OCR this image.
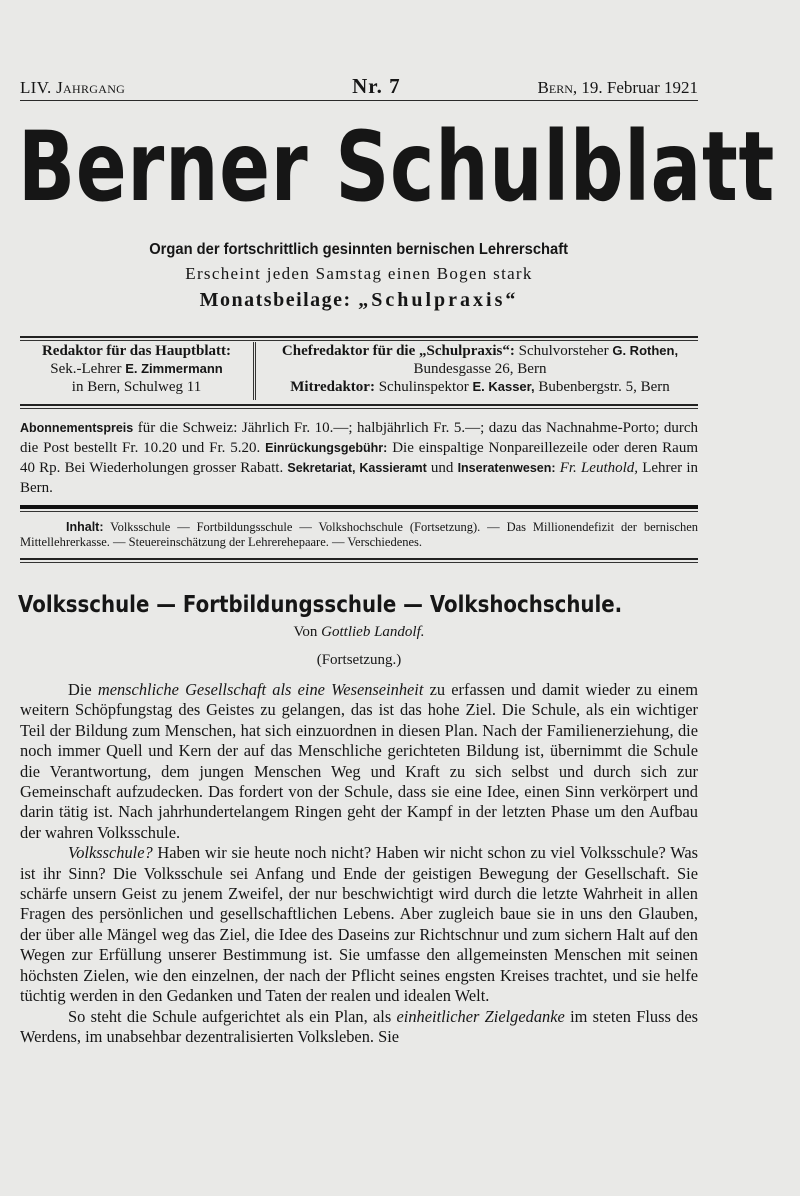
LIV. Jahrgang	Nr. 7	Bern, 19. Februar 1921
Berner Schulblatt
Organ der fortschrittlich gesinnten bernischen Lehrerschaft
Erscheint jeden Samstag einen Bogen stark
Monatsbeilage: „Schulpraxis“
Redaktor für das Hauptblatt:
Sek.-Lehrer E. Zimmermann
in Bern, Schulweg 11
Chefredaktor für die „Schulpraxis“: Schulvorsteher G. Rothen,
Bundesgasse 26, Bern
Mitredaktor: Schulinspektor E. Kasser, Bubenbergstr. 5, Bern
Abonnementspreis für die Schweiz: Jährlich Fr. 10.—; halbjährlich Fr. 5.—; dazu das Nachnahme-Porto; durch die Post bestellt Fr. 10.20 und Fr. 5.20. Einrückungsgebühr: Die einspaltige Nonpareillezeile oder deren Raum 40 Rp. Bei Wiederholungen grosser Rabatt. Sekretariat, Kassieramt und Inseratenwesen: Fr. Leuthold, Lehrer in Bern.
Inhalt: Volksschule — Fortbildungsschule — Volkshochschule (Fortsetzung). — Das Millionendefizit der bernischen Mittellehrerkasse. — Steuereinschätzung der Lehrerehepaare. — Verschiedenes.
Volksschule — Fortbildungsschule — Volkshochschule.
Von Gottlieb Landolf.
(Fortsetzung.)

Die menschliche Gesellschaft als eine Wesenseinheit zu erfassen und damit wieder zu einem weitern Schöpfungstag des Geistes zu gelangen, das ist das hohe Ziel. Die Schule, als ein wichtiger Teil der Bildung zum Menschen, hat sich einzuordnen in diesen Plan. Nach der Familienerziehung, die noch immer Quell und Kern der auf das Menschliche gerichteten Bildung ist, übernimmt die Schule die Verantwortung, dem jungen Menschen Weg und Kraft zu sich selbst und durch sich zur Gemeinschaft aufzudecken. Das fordert von der Schule, dass sie eine Idee, einen Sinn verkörpert und darin tätig ist. Nach jahrhundertelangem Ringen geht der Kampf in der letzten Phase um den Aufbau der wahren Volksschule.

Volksschule? Haben wir sie heute noch nicht? Haben wir nicht schon zu viel Volksschule? Was ist ihr Sinn? Die Volksschule sei Anfang und Ende der geistigen Bewegung der Gesellschaft. Sie schärfe unsern Geist zu jenem Zweifel, der nur beschwichtigt wird durch die letzte Wahrheit in allen Fragen des persönlichen und gesellschaftlichen Lebens. Aber zugleich baue sie in uns den Glauben, der über alle Mängel weg das Ziel, die Idee des Daseins zur Richtschnur und zum sichern Halt auf den Wegen zur Erfüllung unserer Bestimmung ist. Sie umfasse den allgemeinsten Menschen mit seinen höchsten Zielen, wie den einzelnen, der nach der Pflicht seines engsten Kreises trachtet, und sie helfe tüchtig werden in den Gedanken und Taten der realen und idealen Welt.

So steht die Schule aufgerichtet als ein Plan, als einheitlicher Zielgedanke im steten Fluss des Werdens, im unabsehbar dezentralisierten Volksleben. Sie
